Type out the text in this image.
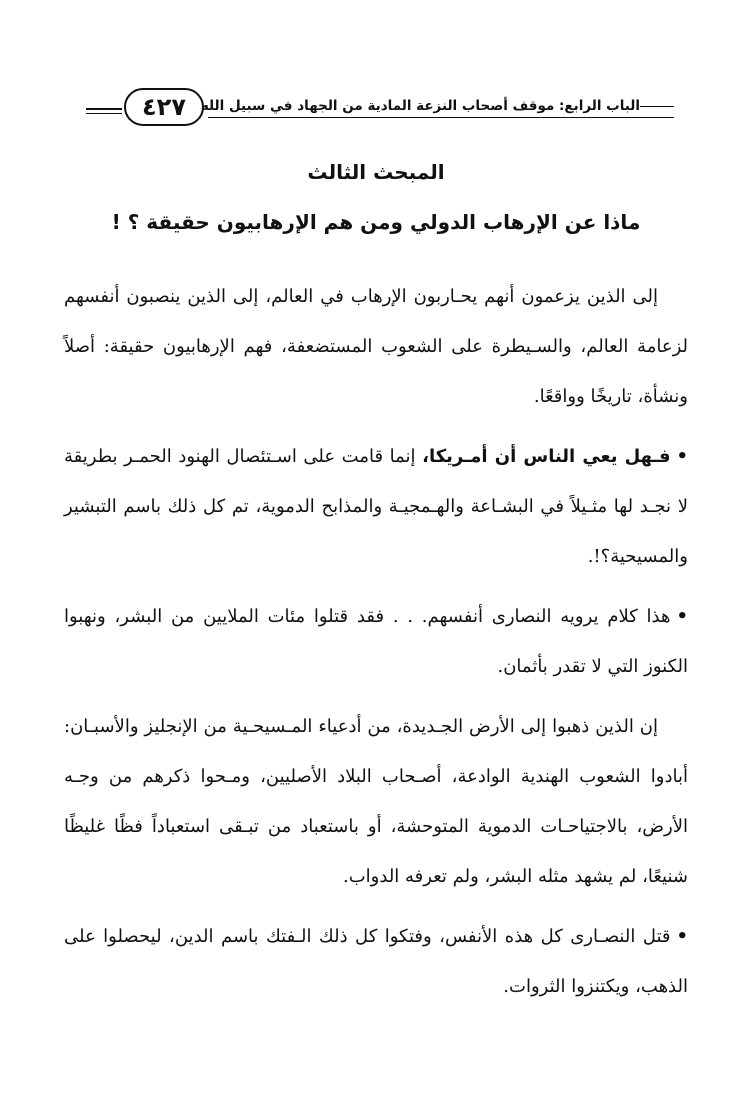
٤٢٧ الباب الرابع: موقف أصحاب النزعة المادية من الجهاد في سبيل الله
المبحث الثالث
ماذا عن الإرهاب الدولي ومن هم الإرهابيون حقيقة ؟ !

إلى الذين يزعمون أنهم يحـاربون الإرهاب في العالم، إلى الذين ينصبون أنفسهم لزعامة العالم، والسـيطرة على الشعوب المستضعفة، فهم الإرهابيون حقيقة: أصلاً ونشأة، تاريخًا وواقعًا.

•فـهل يعي الناس أن أمـريكا، إنما قامت على اسـتئصال الهنود الحمـر بطريقة لا نجـد لها مثـيلاً في البشـاعة والهـمجيـة والمذابح الدموية، تم كل ذلك باسم التبشير والمسيحية؟!.

•هذا كلام يرويه النصارى أنفسهم. . . فقد قتلوا مئات الملايين من البشر، ونهبوا الكنوز التي لا تقدر بأثمان.

إن الذين ذهبوا إلى الأرض الجـديدة، من أدعياء المـسيحـية من الإنجليز والأسبـان: أبادوا الشعوب الهندية الوادعة، أصـحاب البلاد الأصليين، ومـحوا ذكرهم من وجـه الأرض، بالاجتياحـات الدموية المتوحشة، أو باستعباد من تبـقى استعباداً فظًا غليظًا شنيعًا، لم يشهد مثله البشر، ولم تعرفه الدواب.

•قتل النصـارى كل هذه الأنفس، وفتكوا كل ذلك الـفتك باسم الدين، ليحصلوا على الذهب، ويكتنزوا الثروات.
